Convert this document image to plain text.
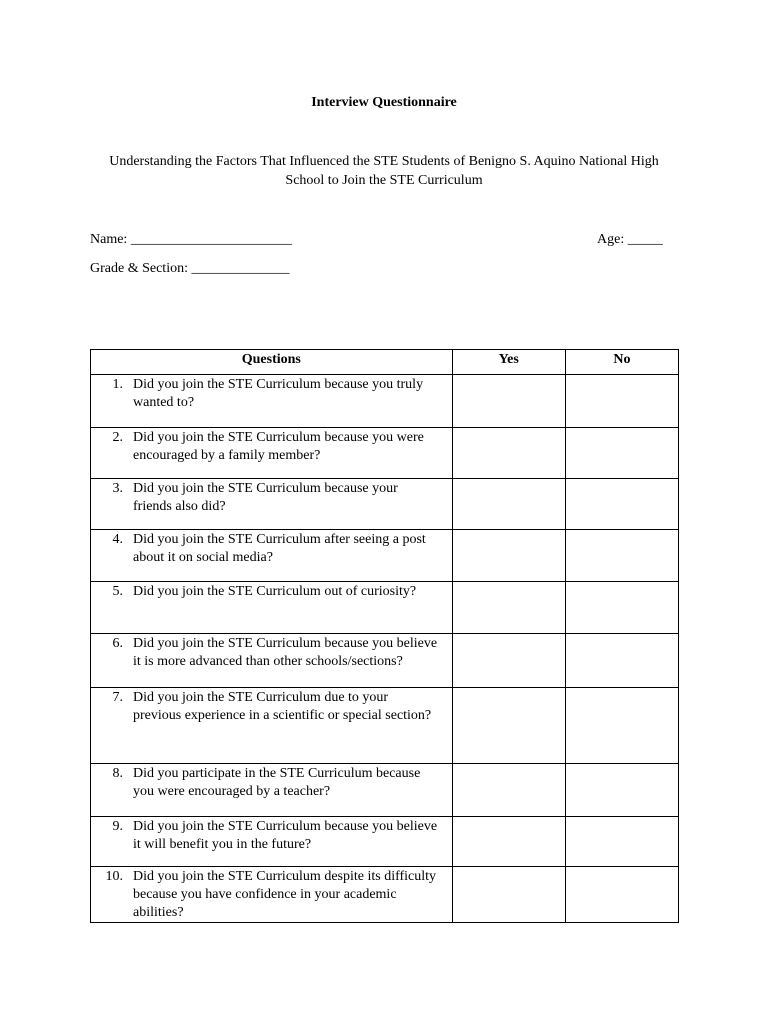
Interview Questionnaire
Understanding the Factors That Influenced the STE Students of Benigno S. Aquino National High School to Join the STE Curriculum
Name: _______________________	Age: _____
Grade & Section: ______________
Questions	Yes	No

1. Did you join the STE Curriculum because you truly wanted to?		

2. Did you join the STE Curriculum because you were encouraged by a family member?		

3. Did you join the STE Curriculum because your friends also did?		

4. Did you join the STE Curriculum after seeing a post about it on social media?		

5. Did you join the STE Curriculum out of curiosity?		

6. Did you join the STE Curriculum because you believe it is more advanced than other schools/sections?		

7. Did you join the STE Curriculum due to your previous experience in a scientific or special section?		

8. Did you participate in the STE Curriculum because you were encouraged by a teacher?		

9. Did you join the STE Curriculum because you believe it will benefit you in the future?		

10. Did you join the STE Curriculum despite its difficulty because you have confidence in your academic abilities?		
